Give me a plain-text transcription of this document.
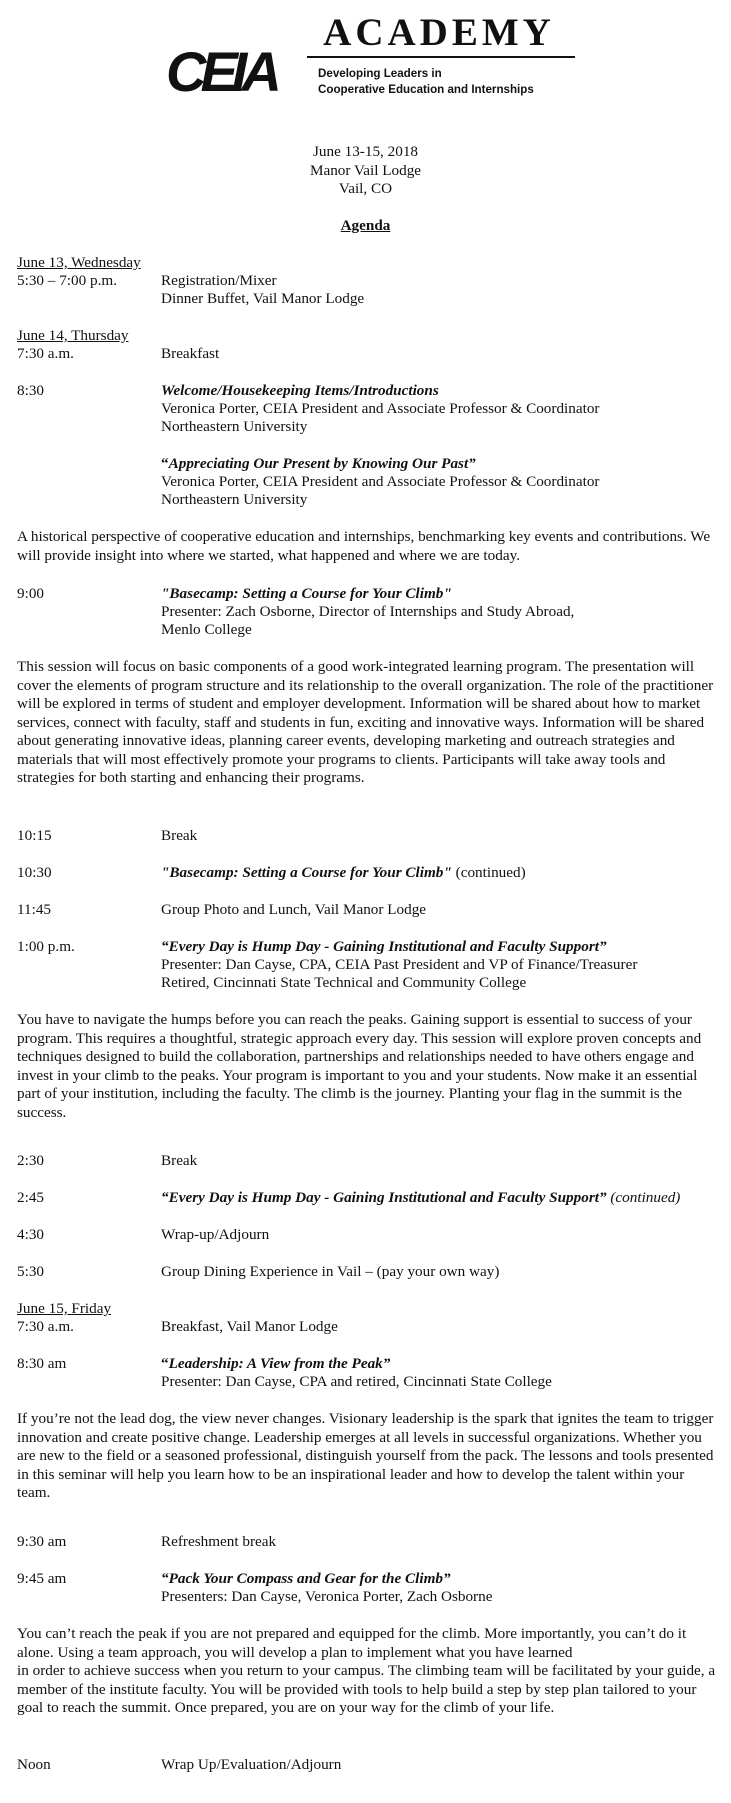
CEIA
ACADEMY
Developing Leaders in
Cooperative Education and Internships
June 13-15, 2018
Manor Vail Lodge
Vail, CO
Agenda
June 13, Wednesday
5:30 – 7:00 p.m.	Registration/Mixer
Dinner Buffet, Vail Manor Lodge
June 14, Thursday
7:30 a.m.	Breakfast
8:30	Welcome/Housekeeping Items/Introductions
Veronica Porter, CEIA President and Associate Professor & Coordinator
Northeastern University
“Appreciating Our Present by Knowing Our Past”
Veronica Porter, CEIA President and Associate Professor & Coordinator
Northeastern University
A historical perspective of cooperative education and internships, benchmarking key events and contributions. We will provide insight into where we started, what happened and where we are today.
9:00	"Basecamp: Setting a Course for Your Climb"
Presenter: Zach Osborne, Director of Internships and Study Abroad,
Menlo College
This session will focus on basic components of a good work-integrated learning program. The presentation will cover the elements of program structure and its relationship to the overall organization. The role of the practitioner will be explored in terms of student and employer development. Information will be shared about how to market services, connect with faculty, staff and students in fun, exciting and innovative ways. Information will be shared about generating innovative ideas, planning career events, developing marketing and outreach strategies and materials that will most effectively promote your programs to clients. Participants will take away tools and strategies for both starting and enhancing their programs.
10:15	Break
10:30	"Basecamp: Setting a Course for Your Climb" (continued)
11:45	Group Photo and Lunch, Vail Manor Lodge
1:00 p.m.	“Every Day is Hump Day - Gaining Institutional and Faculty Support”
Presenter: Dan Cayse, CPA, CEIA Past President and VP of Finance/Treasurer
Retired, Cincinnati State Technical and Community College
You have to navigate the humps before you can reach the peaks. Gaining support is essential to success of your program. This requires a thoughtful, strategic approach every day. This session will explore proven concepts and techniques designed to build the collaboration, partnerships and relationships needed to have others engage and invest in your climb to the peaks. Your program is important to you and your students. Now make it an essential part of your institution, including the faculty. The climb is the journey. Planting your flag in the summit is the success.
2:30	Break
2:45	“Every Day is Hump Day - Gaining Institutional and Faculty Support” (continued)
4:30	Wrap-up/Adjourn
5:30	Group Dining Experience in Vail – (pay your own way)
June 15, Friday
7:30 a.m.	Breakfast, Vail Manor Lodge
8:30 am	“Leadership: A View from the Peak”
Presenter: Dan Cayse, CPA and retired, Cincinnati State College
If you’re not the lead dog, the view never changes. Visionary leadership is the spark that ignites the team to trigger innovation and create positive change. Leadership emerges at all levels in successful organizations. Whether you are new to the field or a seasoned professional, distinguish yourself from the pack. The lessons and tools presented in this seminar will help you learn how to be an inspirational leader and how to develop the talent within your team.
9:30 am	Refreshment break
9:45 am	“Pack Your Compass and Gear for the Climb”
Presenters: Dan Cayse, Veronica Porter, Zach Osborne
You can’t reach the peak if you are not prepared and equipped for the climb. More importantly, you can’t do it alone. Using a team approach, you will develop a plan to implement what you have learned
in order to achieve success when you return to your campus. The climbing team will be facilitated by your guide, a member of the institute faculty. You will be provided with tools to help build a step by step plan tailored to your goal to reach the summit. Once prepared, you are on your way for the climb of your life.
Noon	Wrap Up/Evaluation/Adjourn
